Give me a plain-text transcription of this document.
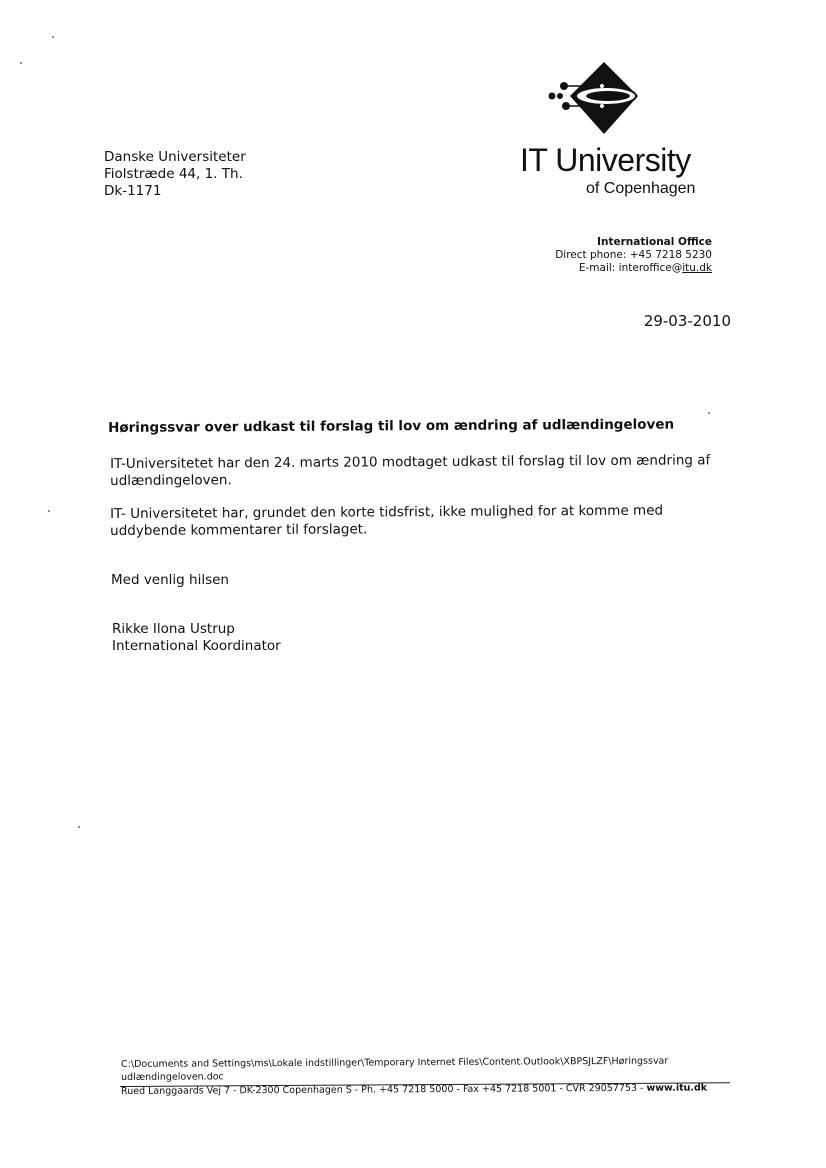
Danske Universiteter
Fiolstræde 44, 1. Th.
Dk-1171
IT University
of Copenhagen
International Office
Direct phone: +45 7218 5230
E-mail: interoffice@itu.dk
29-03-2010
Høringssvar over udkast til forslag til lov om ændring af udlændingeloven
IT-Universitetet har den 24. marts 2010 modtaget udkast til forslag til lov om ændring af udlændingeloven.
IT- Universitetet har, grundet den korte tidsfrist, ikke mulighed for at komme med uddybende kommentarer til forslaget.
Med venlig hilsen
Rikke Ilona Ustrup
International Koordinator
C:\Documents and Settings\ms\Lokale indstillinger\Temporary Internet Files\Content.Outlook\XBPSJLZF\Høringssvar udlændingeloven.doc
Rued Langgaards Vej 7 - DK-2300 Copenhagen S - Ph. +45 7218 5000 - Fax +45 7218 5001 - CVR 29057753 - www.itu.dk
